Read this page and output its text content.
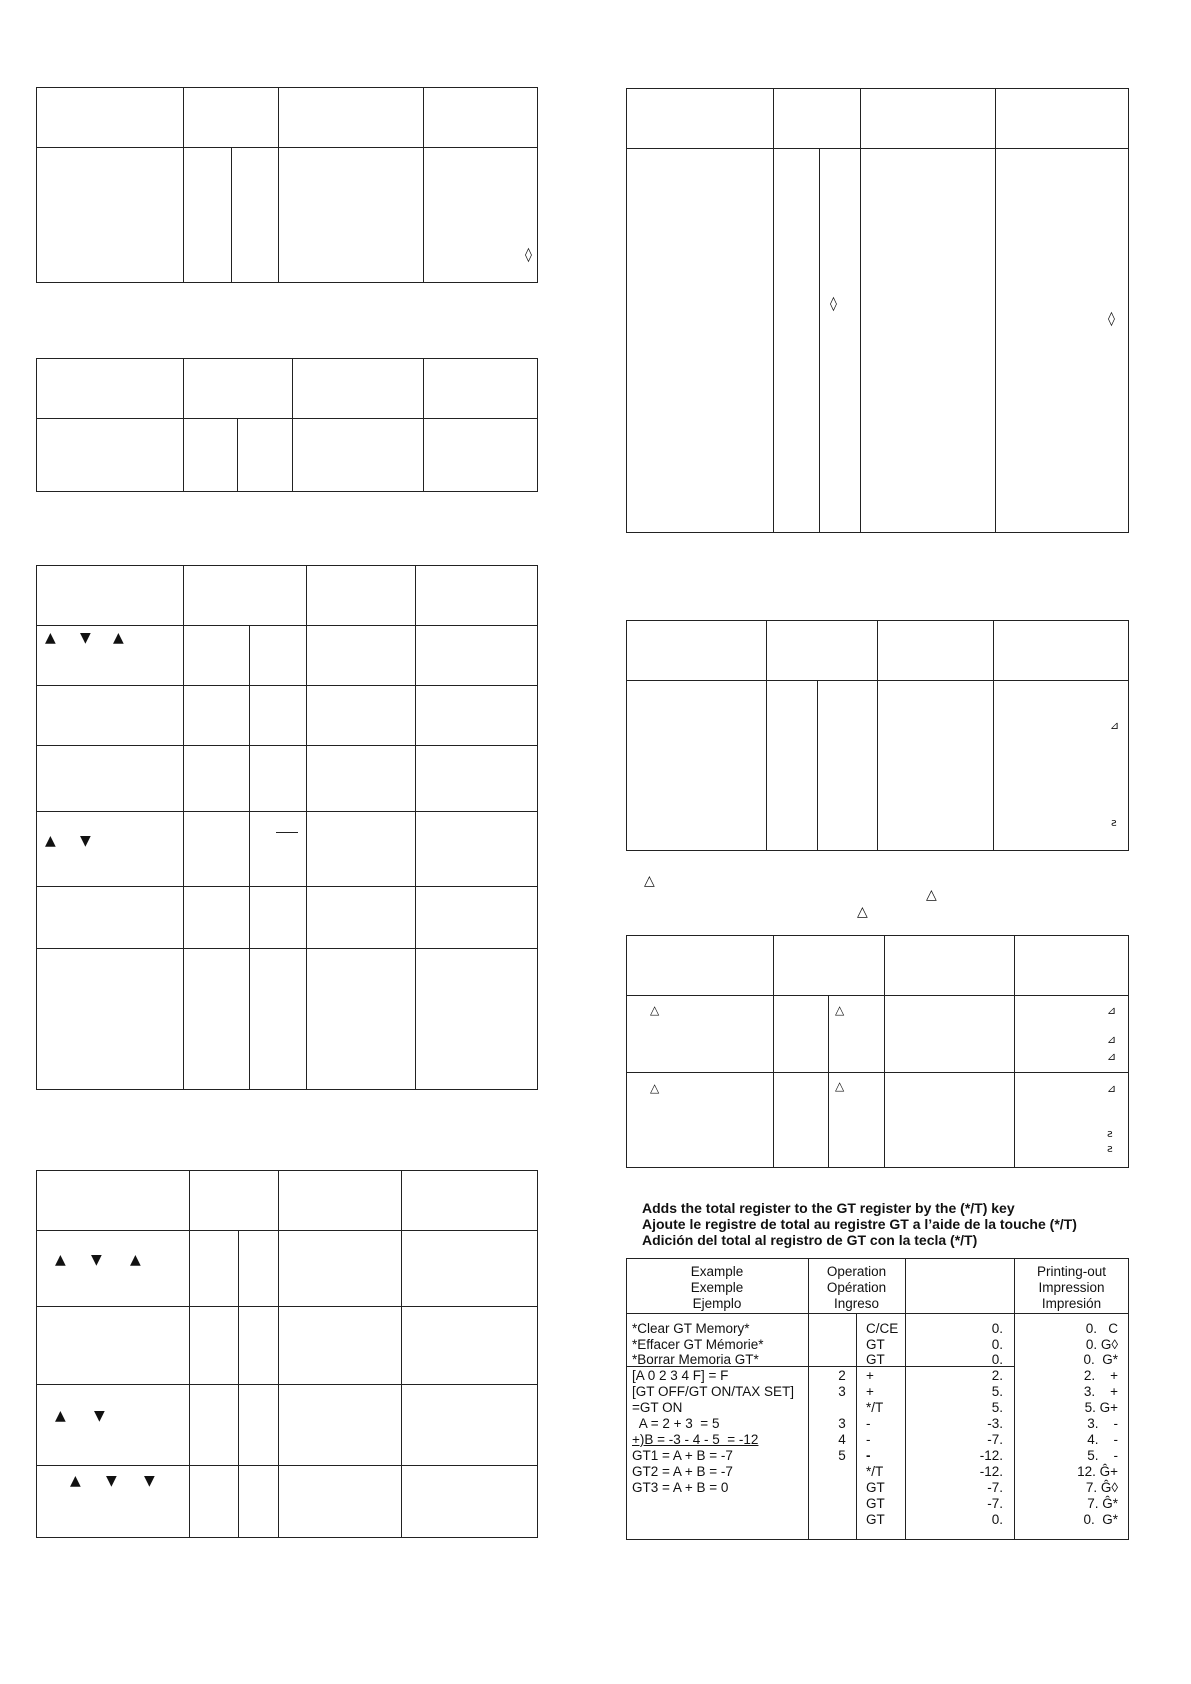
◊
▲ ▼ ▲
▲ ▼
▲ ▼ ▲
▲ ▼
▲ ▼ ▼
◊
◊
⊿
ƨ
△
△
△
△	△
△	△
⊿
⊿
⊿
⊿
ƨ
ƨ
Adds the total register to the GT register by the (*/T) key
Ajoute le registre de total au registre GT a l’aide de la touche (*/T)
Adición del total al registro de GT con la tecla (*/T)
Example
Exemple
Ejemplo
Operation
Opération
Ingreso
Printing-out
Impression
Impresión
*Clear GT Memory*
*Effacer GT Mémorie*
*Borrar Memoria GT*
C/CE
GT
GT
0.
0.
0.
0.   C
0. G◊
0.  G*
[A 0 2 3 4 F] = F
[GT OFF/GT ON/TAX SET]
=GT ON
A = 2 + 3  = 5
+)B = -3 - 4 - 5  = -12
GT1 = A + B = -7
GT2 = A + B = -7
GT3 = A + B = 0
2
3
3
4
5
+
+
*/T
-
-
-
*/T
GT
GT
GT
2.
5.
5.
-3.
-7.
-12.
-12.
-7.
-7.
0.
2.    +
3.    +
5. G+
3.    -
4.    -
5.    -
12. Ĝ+
7. Ĝ◊
7. Ĝ*
0.  G*
